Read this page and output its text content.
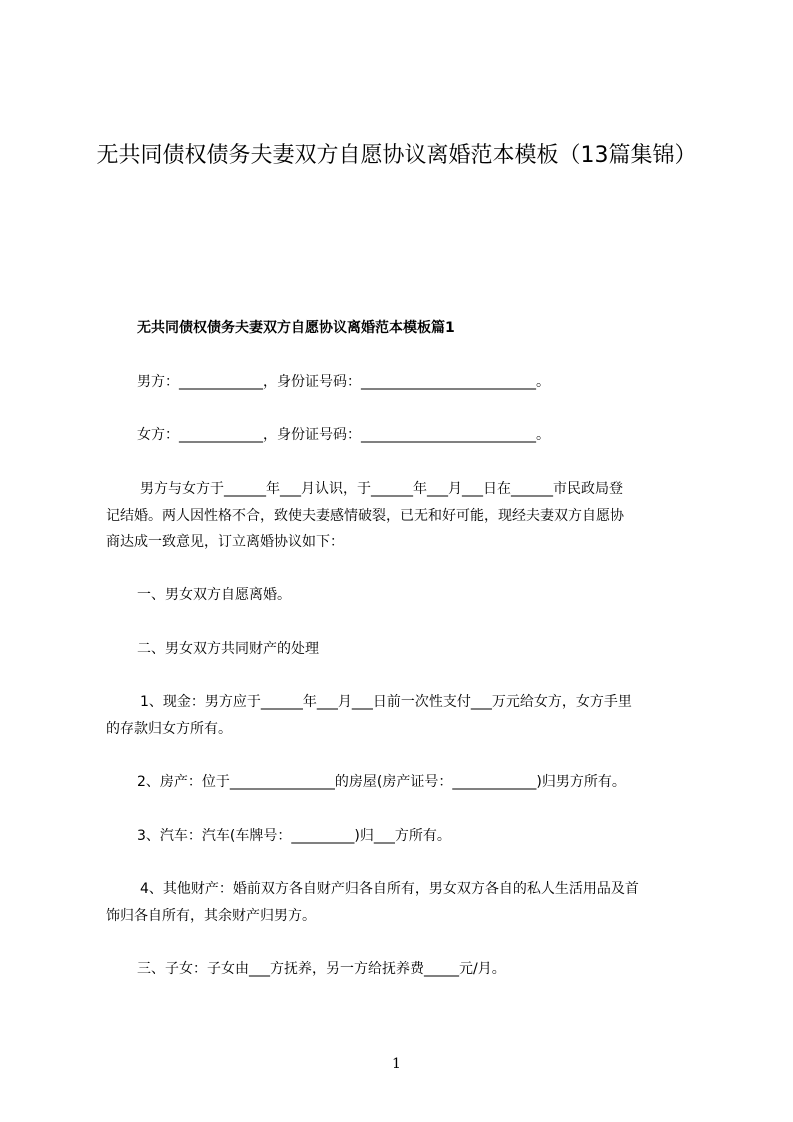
无共同债权债务夫妻双方自愿协议离婚范本模板（13篇集锦）
无共同债权债务夫妻双方自愿协议离婚范本模板篇1
男方：____________，身份证号码：_________________________。
女方：____________，身份证号码：_________________________。
男方与女方于______年___月认识，于______年___月___日在______市民政局登
记结婚。两人因性格不合，致使夫妻感情破裂，已无和好可能，现经夫妻双方自愿协
商达成一致意见，订立离婚协议如下：
一、男女双方自愿离婚。
二、男女双方共同财产的处理
1、现金：男方应于______年___月___日前一次性支付___万元给女方，女方手里
的存款归女方所有。
2、房产：位于_______________的房屋(房产证号：____________)归男方所有。
3、汽车：汽车(车牌号：_________)归___方所有。
4、其他财产：婚前双方各自财产归各自所有，男女双方各自的私人生活用品及首
饰归各自所有，其余财产归男方。
三、子女：子女由___方抚养，另一方给抚养费_____元/月。
1
